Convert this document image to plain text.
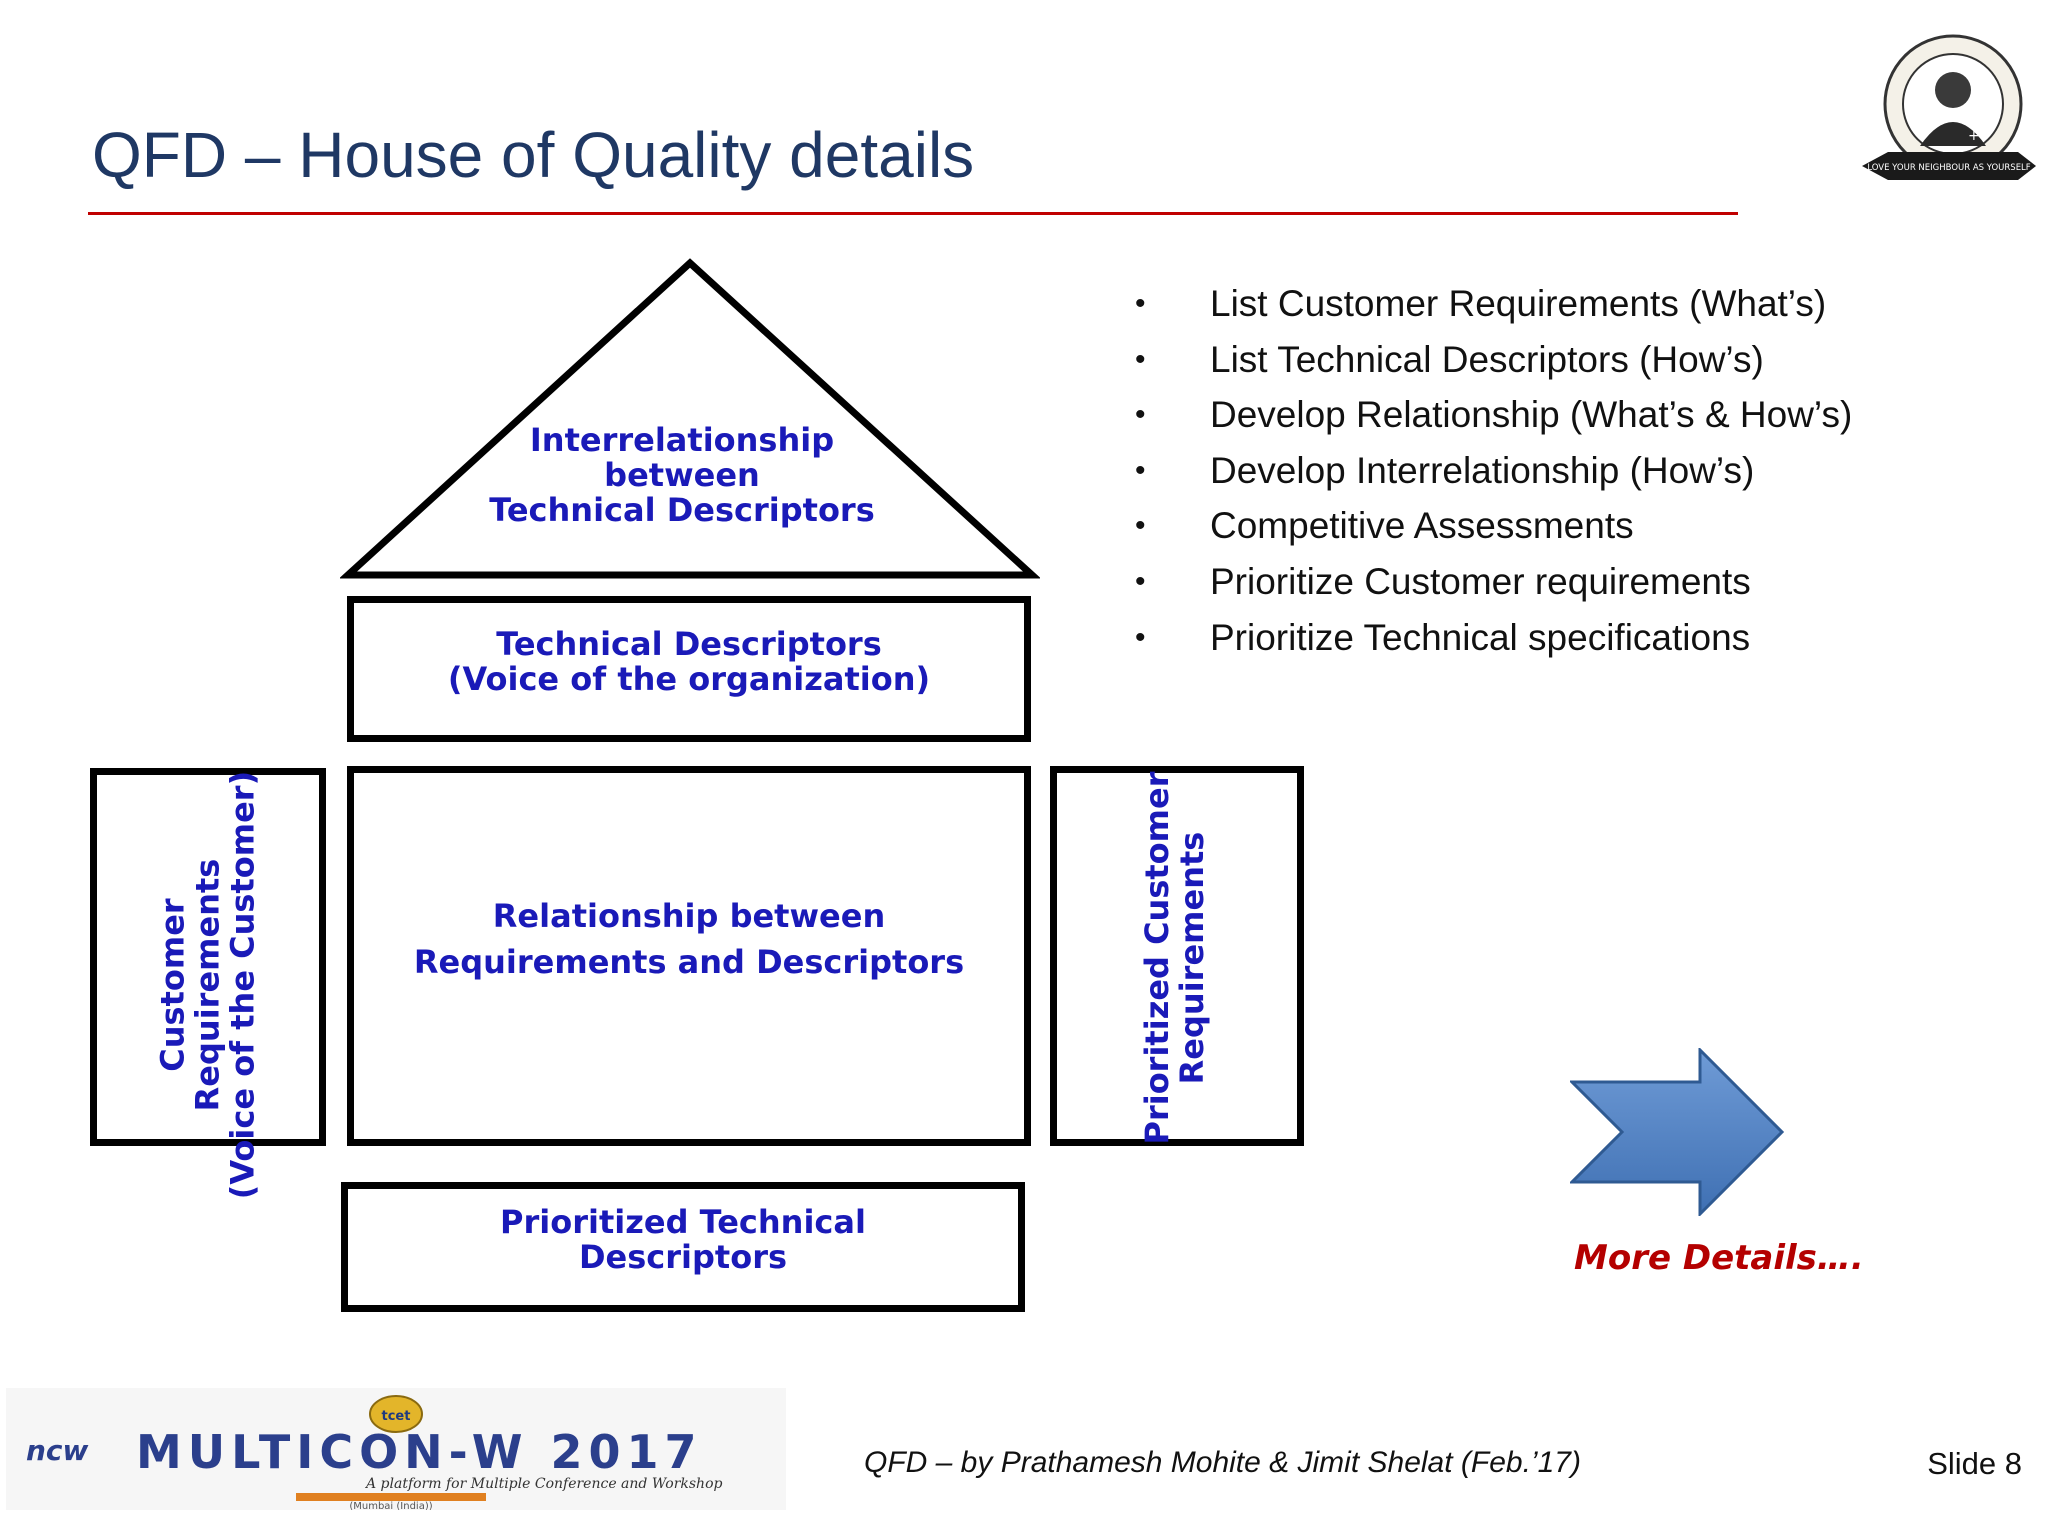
QFD – House of Quality details	+
LOVE YOUR NEIGHBOUR AS YOURSELF
• List Customer Requirements (What’s)
• List Technical Descriptors (How’s)
• Develop Relationship (What’s & How’s)
• Develop Interrelationship (How’s)
• Competitive Assessments
• Prioritize Customer requirements
• Prioritize Technical specifications
Interrelationship
between
Technical Descriptors
Technical Descriptors
(Voice of the organization)
Customer
Requirements
(Voice of the Customer)	Relationship between
Requirements and Descriptors	Prioritized Customer
Requirements
Prioritized Technical
Descriptors	More Details….
tcet
ncw MULTICON-W 2017
A platform for Multiple Conference and Workshop
(Mumbai (India))
QFD – by Prathamesh Mohite & Jimit Shelat (Feb.’17)	Slide 8
